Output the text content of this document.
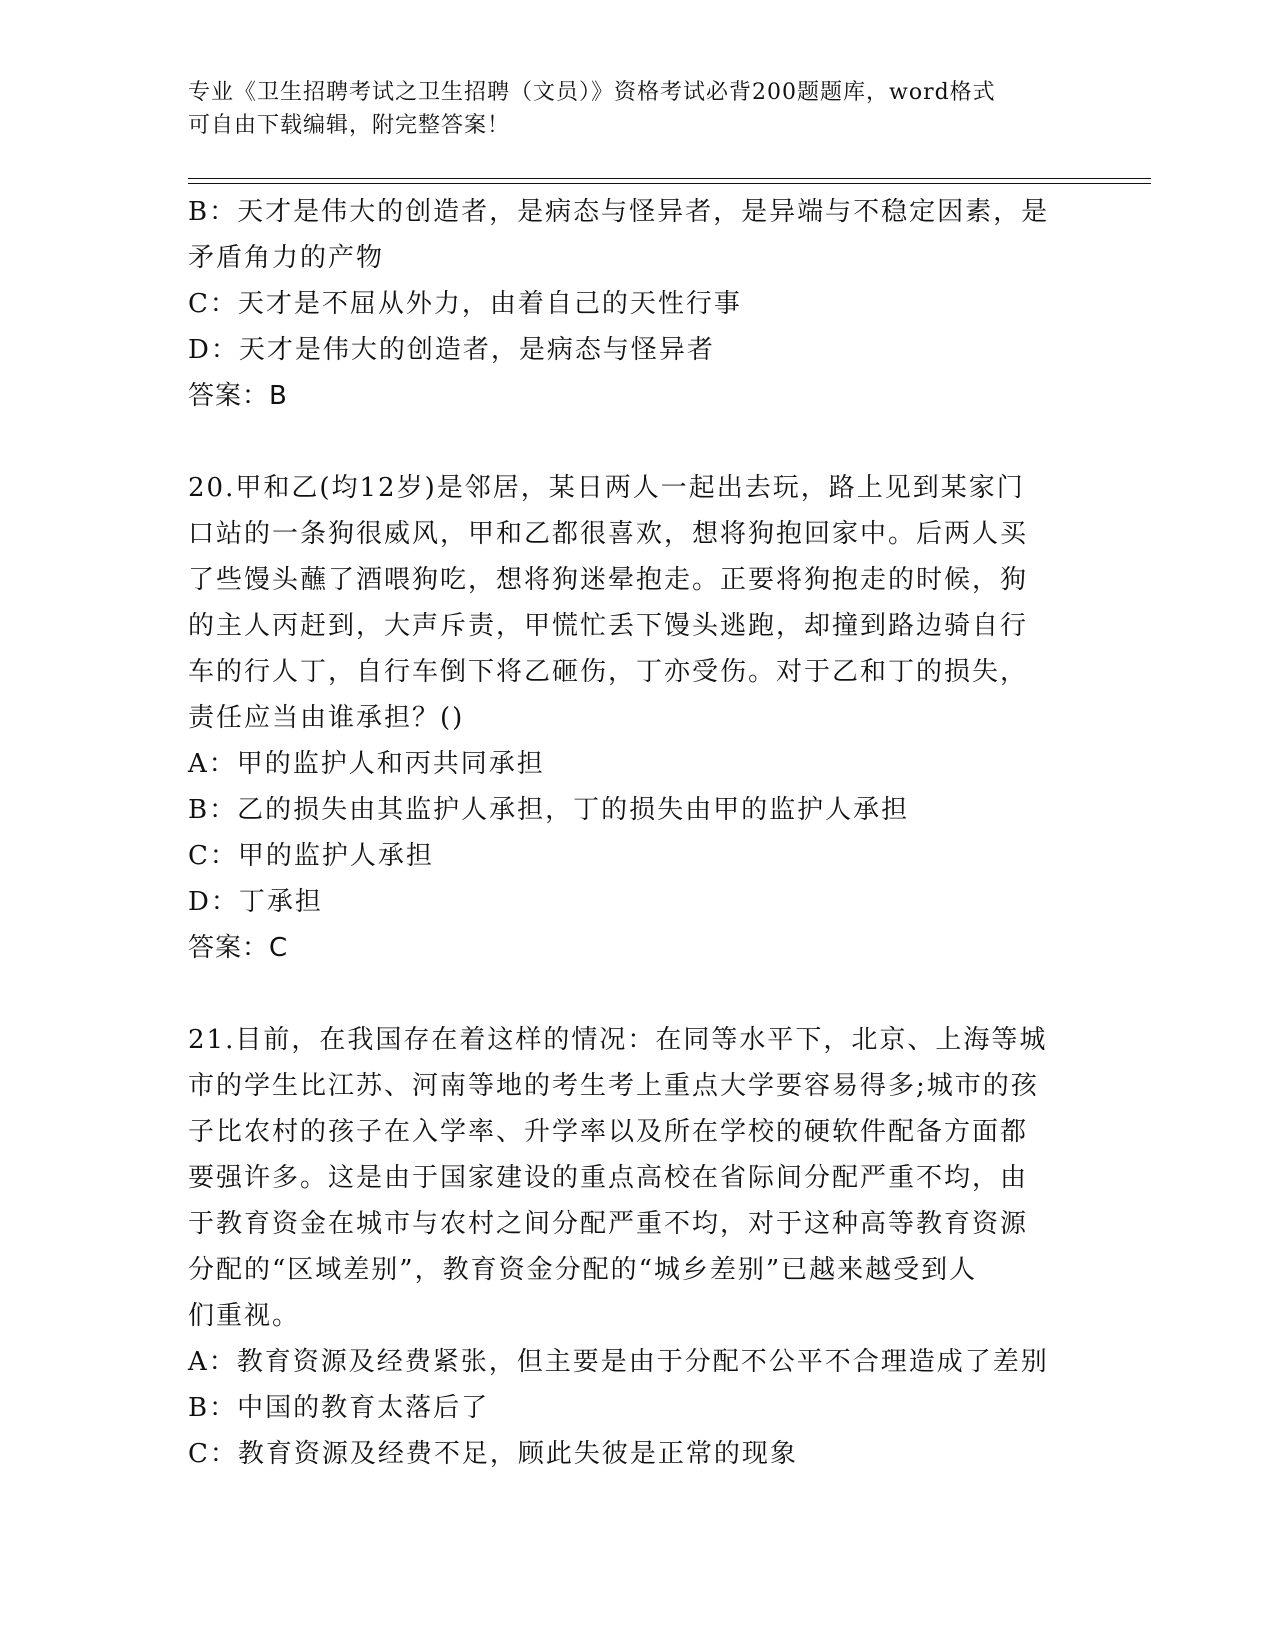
专业《卫生招聘考试之卫生招聘（文员）》资格考试必背200题题库，word格式
可自由下载编辑，附完整答案！

B：天才是伟大的创造者，是病态与怪异者，是异端与不稳定因素，是

矛盾角力的产物

C：天才是不屈从外力，由着自己的天性行事

D：天才是伟大的创造者，是病态与怪异者

答案：B

20.甲和乙(均12岁)是邻居，某日两人一起出去玩，路上见到某家门

口站的一条狗很威风，甲和乙都很喜欢，想将狗抱回家中。后两人买

了些馒头蘸了酒喂狗吃，想将狗迷晕抱走。正要将狗抱走的时候，狗

的主人丙赶到，大声斥责，甲慌忙丢下馒头逃跑，却撞到路边骑自行

车的行人丁，自行车倒下将乙砸伤，丁亦受伤。对于乙和丁的损失，

责任应当由谁承担？()

A：甲的监护人和丙共同承担

B：乙的损失由其监护人承担，丁的损失由甲的监护人承担

C：甲的监护人承担

D：丁承担

答案：C

21.目前，在我国存在着这样的情况：在同等水平下，北京、上海等城

市的学生比江苏、河南等地的考生考上重点大学要容易得多;城市的孩

子比农村的孩子在入学率、升学率以及所在学校的硬软件配备方面都

要强许多。这是由于国家建设的重点高校在省际间分配严重不均，由

于教育资金在城市与农村之间分配严重不均，对于这种高等教育资源

分配的“区域差别”，教育资金分配的“城乡差别”已越来越受到人

们重视。

A：教育资源及经费紧张，但主要是由于分配不公平不合理造成了差别

B：中国的教育太落后了

C：教育资源及经费不足，顾此失彼是正常的现象
